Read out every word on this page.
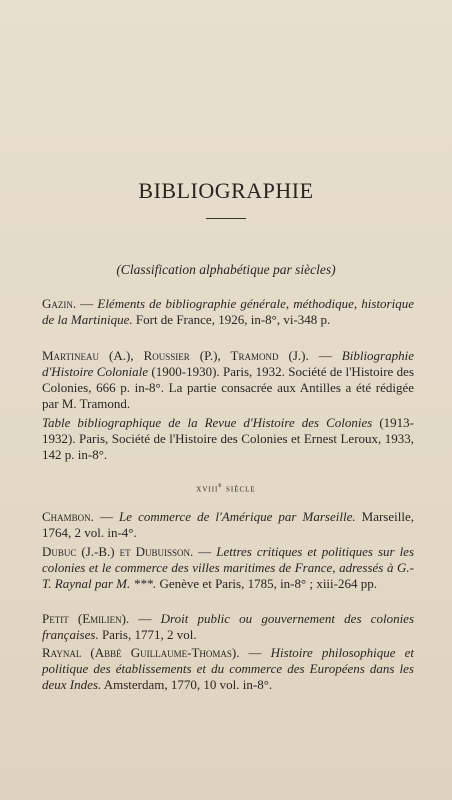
BIBLIOGRAPHIE
(Classification alphabétique par siècles)
Gazin. — Eléments de bibliographie générale, méthodique, historique de la Martinique. Fort de France, 1926, in-8°, vi-348 p.
Martineau (A.), Roussier (P.), Tramond (J.). — Bibliographie d'Histoire Coloniale (1900-1930). Paris, 1932. Société de l'Histoire des Colonies, 666 p. in-8°. La partie consacrée aux Antilles a été rédigée par M. Tramond.
Table bibliographique de la Revue d'Histoire des Colonies (1913-1932). Paris, Société de l'Histoire des Colonies et Ernest Leroux, 1933, 142 p. in-8°.
xviii$^e$ siècle
Chambon. — Le commerce de l'Amérique par Marseille. Marseille, 1764, 2 vol. in-4°.
Dubuc (J.-B.) et Dubuisson. — Lettres critiques et politiques sur les colonies et le commerce des villes maritimes de France, adressés à G.-T. Raynal par M. ***. Genève et Paris, 1785, in-8° ; xiii-264 pp.
Petit (Emilien). — Droit public ou gouvernement des colonies françaises. Paris, 1771, 2 vol.
Raynal (Abbé Guillaume-Thomas). — Histoire philosophique et politique des établissements et du commerce des Européens dans les deux Indes. Amsterdam, 1770, 10 vol. in-8°.
